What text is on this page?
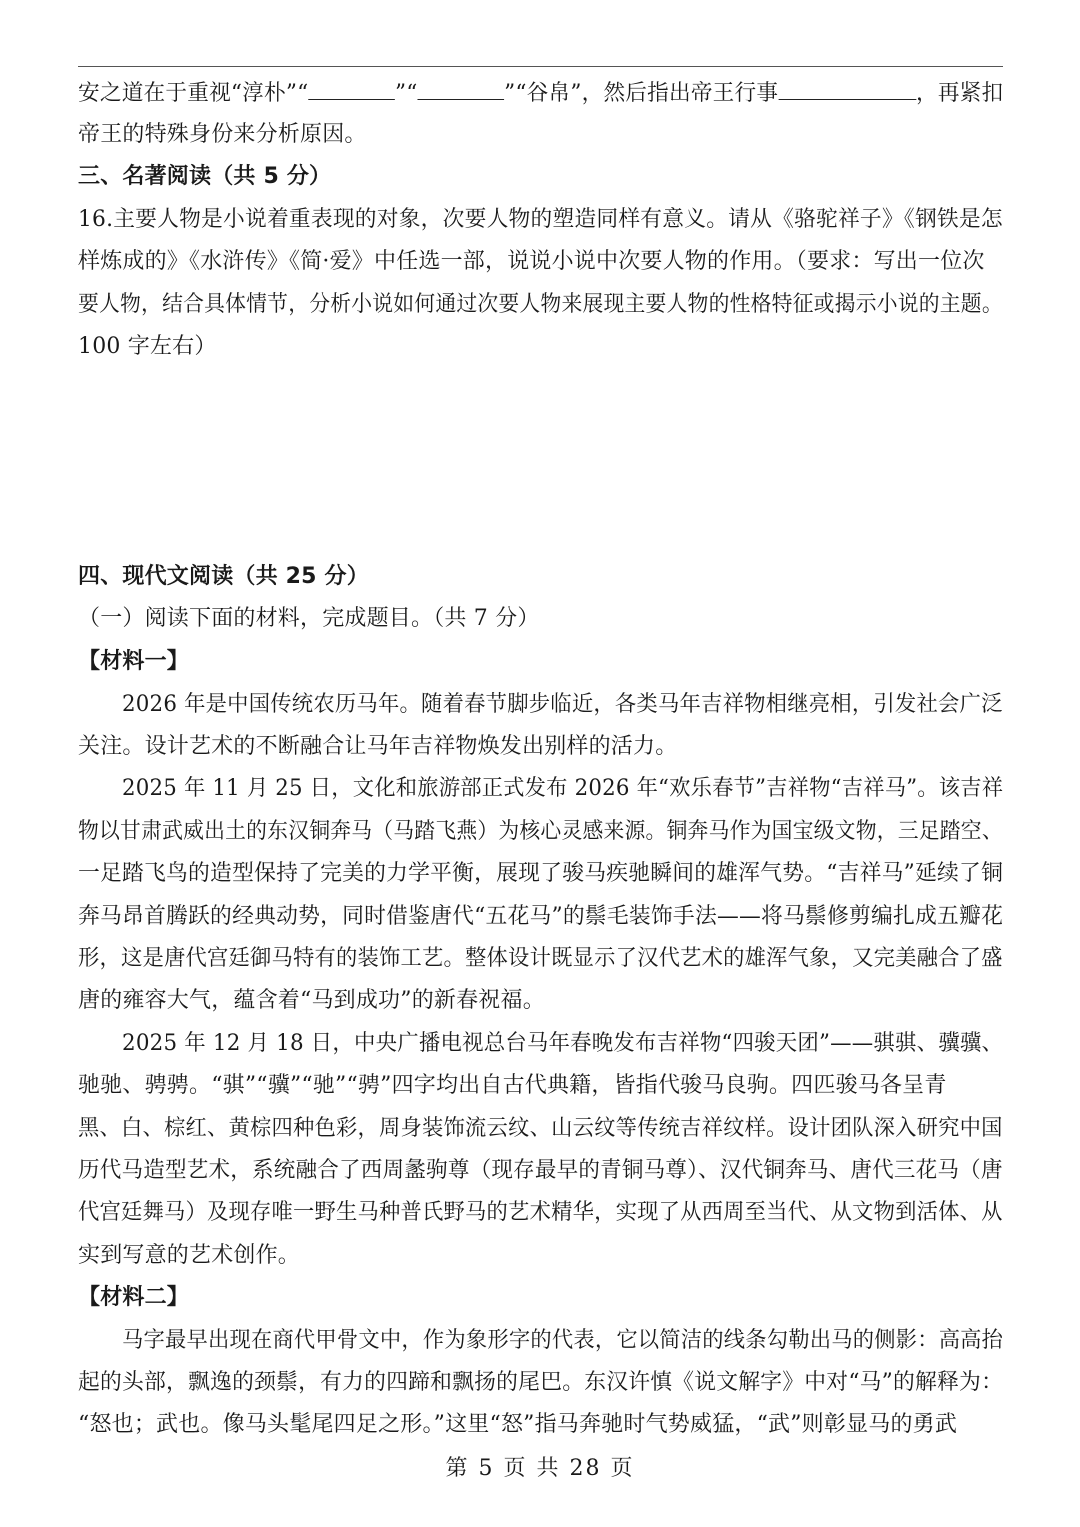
安之道在于重视“淳朴”“	”“	”“谷帛”，然后指出帝王行事	，再紧扣
帝王的特殊身份来分析原因。
三、名著阅读（共 5 分）
16.主要人物是小说着重表现的对象，次要人物的塑造同样有意义。请从《骆驼祥子》《钢铁是怎
样炼成的》《水浒传》《简·爱》中任选一部，说说小说中次要人物的作用。（要求：写出一位次
要人物，结合具体情节，分析小说如何通过次要人物来展现主要人物的性格特征或揭示小说的主题。
100 字左右）
四、现代文阅读（共 25 分）
（一）阅读下面的材料，完成题目。（共 7 分）
【材料一】
2026 年是中国传统农历马年。随着春节脚步临近，各类马年吉祥物相继亮相，引发社会广泛
关注。设计艺术的不断融合让马年吉祥物焕发出别样的活力。
2025 年 11 月 25 日，文化和旅游部正式发布 2026 年“欢乐春节”吉祥物“吉祥马”。该吉祥
物以甘肃武威出土的东汉铜奔马（马踏飞燕）为核心灵感来源。铜奔马作为国宝级文物，三足踏空、
一足踏飞鸟的造型保持了完美的力学平衡，展现了骏马疾驰瞬间的雄浑气势。“吉祥马”延续了铜
奔马昂首腾跃的经典动势，同时借鉴唐代“五花马”的鬃毛装饰手法——将马鬃修剪编扎成五瓣花
形，这是唐代宫廷御马特有的装饰工艺。整体设计既显示了汉代艺术的雄浑气象，又完美融合了盛
唐的雍容大气，蕴含着“马到成功”的新春祝福。
2025 年 12 月 18 日，中央广播电视总台马年春晚发布吉祥物“四骏天团”——骐骐、骥骥、
驰驰、骋骋。“骐”“骥”“驰”“骋”四字均出自古代典籍，皆指代骏马良驹。四匹骏马各呈青
黑、白、棕红、黄棕四种色彩，周身装饰流云纹、山云纹等传统吉祥纹样。设计团队深入研究中国
历代马造型艺术，系统融合了西周盠驹尊（现存最早的青铜马尊）、汉代铜奔马、唐代三花马（唐
代宫廷舞马）及现存唯一野生马种普氏野马的艺术精华，实现了从西周至当代、从文物到活体、从
实到写意的艺术创作。
【材料二】
马字最早出现在商代甲骨文中，作为象形字的代表，它以简洁的线条勾勒出马的侧影：高高抬
起的头部，飘逸的颈鬃，有力的四蹄和飘扬的尾巴。东汉许慎《说文解字》中对“马”的解释为：
“怒也；武也。像马头髦尾四足之形。”这里“怒”指马奔驰时气势威猛，“武”则彰显马的勇武
第 5 页 共 28 页
